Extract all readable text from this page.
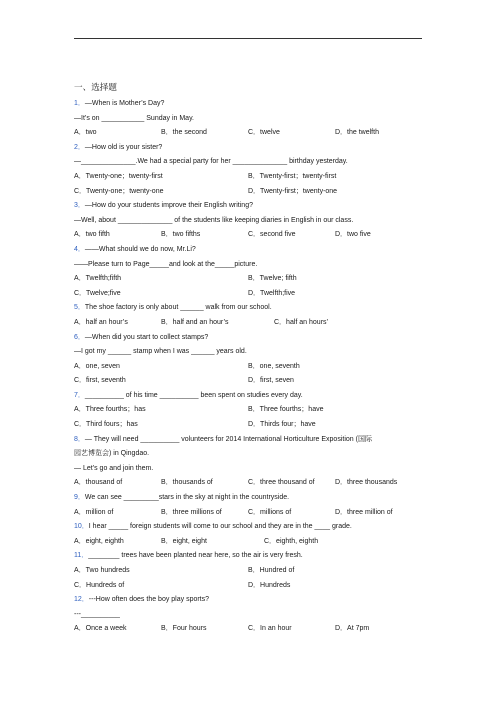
一、选择题
1．—When is Mother’s Day?
—It’s on ___________ Sunday in May.
A．two	B．the second	C．twelve	D．the twelfth
2．—How old is your sister?
—______________.We had a special party for her ______________ birthday yesterday.
A．Twenty-one；twenty-first	B．Twenty-first；twenty-first
C．Twenty-one；twenty-one	D．Twenty-first；twenty-one
3．—How do your students improve their English writing?
—Well, about ______________ of the students like keeping diaries in English in our class.
A．two fifth	B．two fifths	C．second five	D．two five
4．——What should we do now, Mr.Li?
——Please turn to Page_____and look at the_____picture.
A．Twelfth;fifth	B．Twelve; fifth
C．Twelve;five	D．Twelfth;five
5．The shoe factory is only about ______ walk from our school.
A．half an hour’s	B．half and an hour’s	C．half an hours’
6．—When did you start to collect stamps?
—I got my ______ stamp when I was ______ years old.
A．one, seven	B．one, seventh
C．first, seventh	D．first, seven
7．__________ of his time __________ been spent on studies every day.
A．Three fourths；has	B．Three fourths；have
C．Third fours；has	D．Thirds four；have
8．— They will need __________ volunteers for 2014 International Horticulture Exposition (国际
园艺博览会) in Qingdao.
— Let’s go and join them.
A．thousand of	B．thousands of	C．three thousand of	D．three thousands
9．We can see _________stars in the sky at night in the countryside.
A．million of	B．three millions of	C．millions of	D．three million of
10．I hear _____ foreign students will come to our school and they are in the ____ grade.
A．eight, eighth	B．eight, eight	C．eighth, eighth
11．________ trees have been planted near here, so the air is very fresh.
A．Two hundreds	B．Hundred of
C．Hundreds of	D．Hundreds
12．---How often does the boy play sports?
---__________
A．Once a week	B．Four hours	C．In an hour	D．At 7pm
